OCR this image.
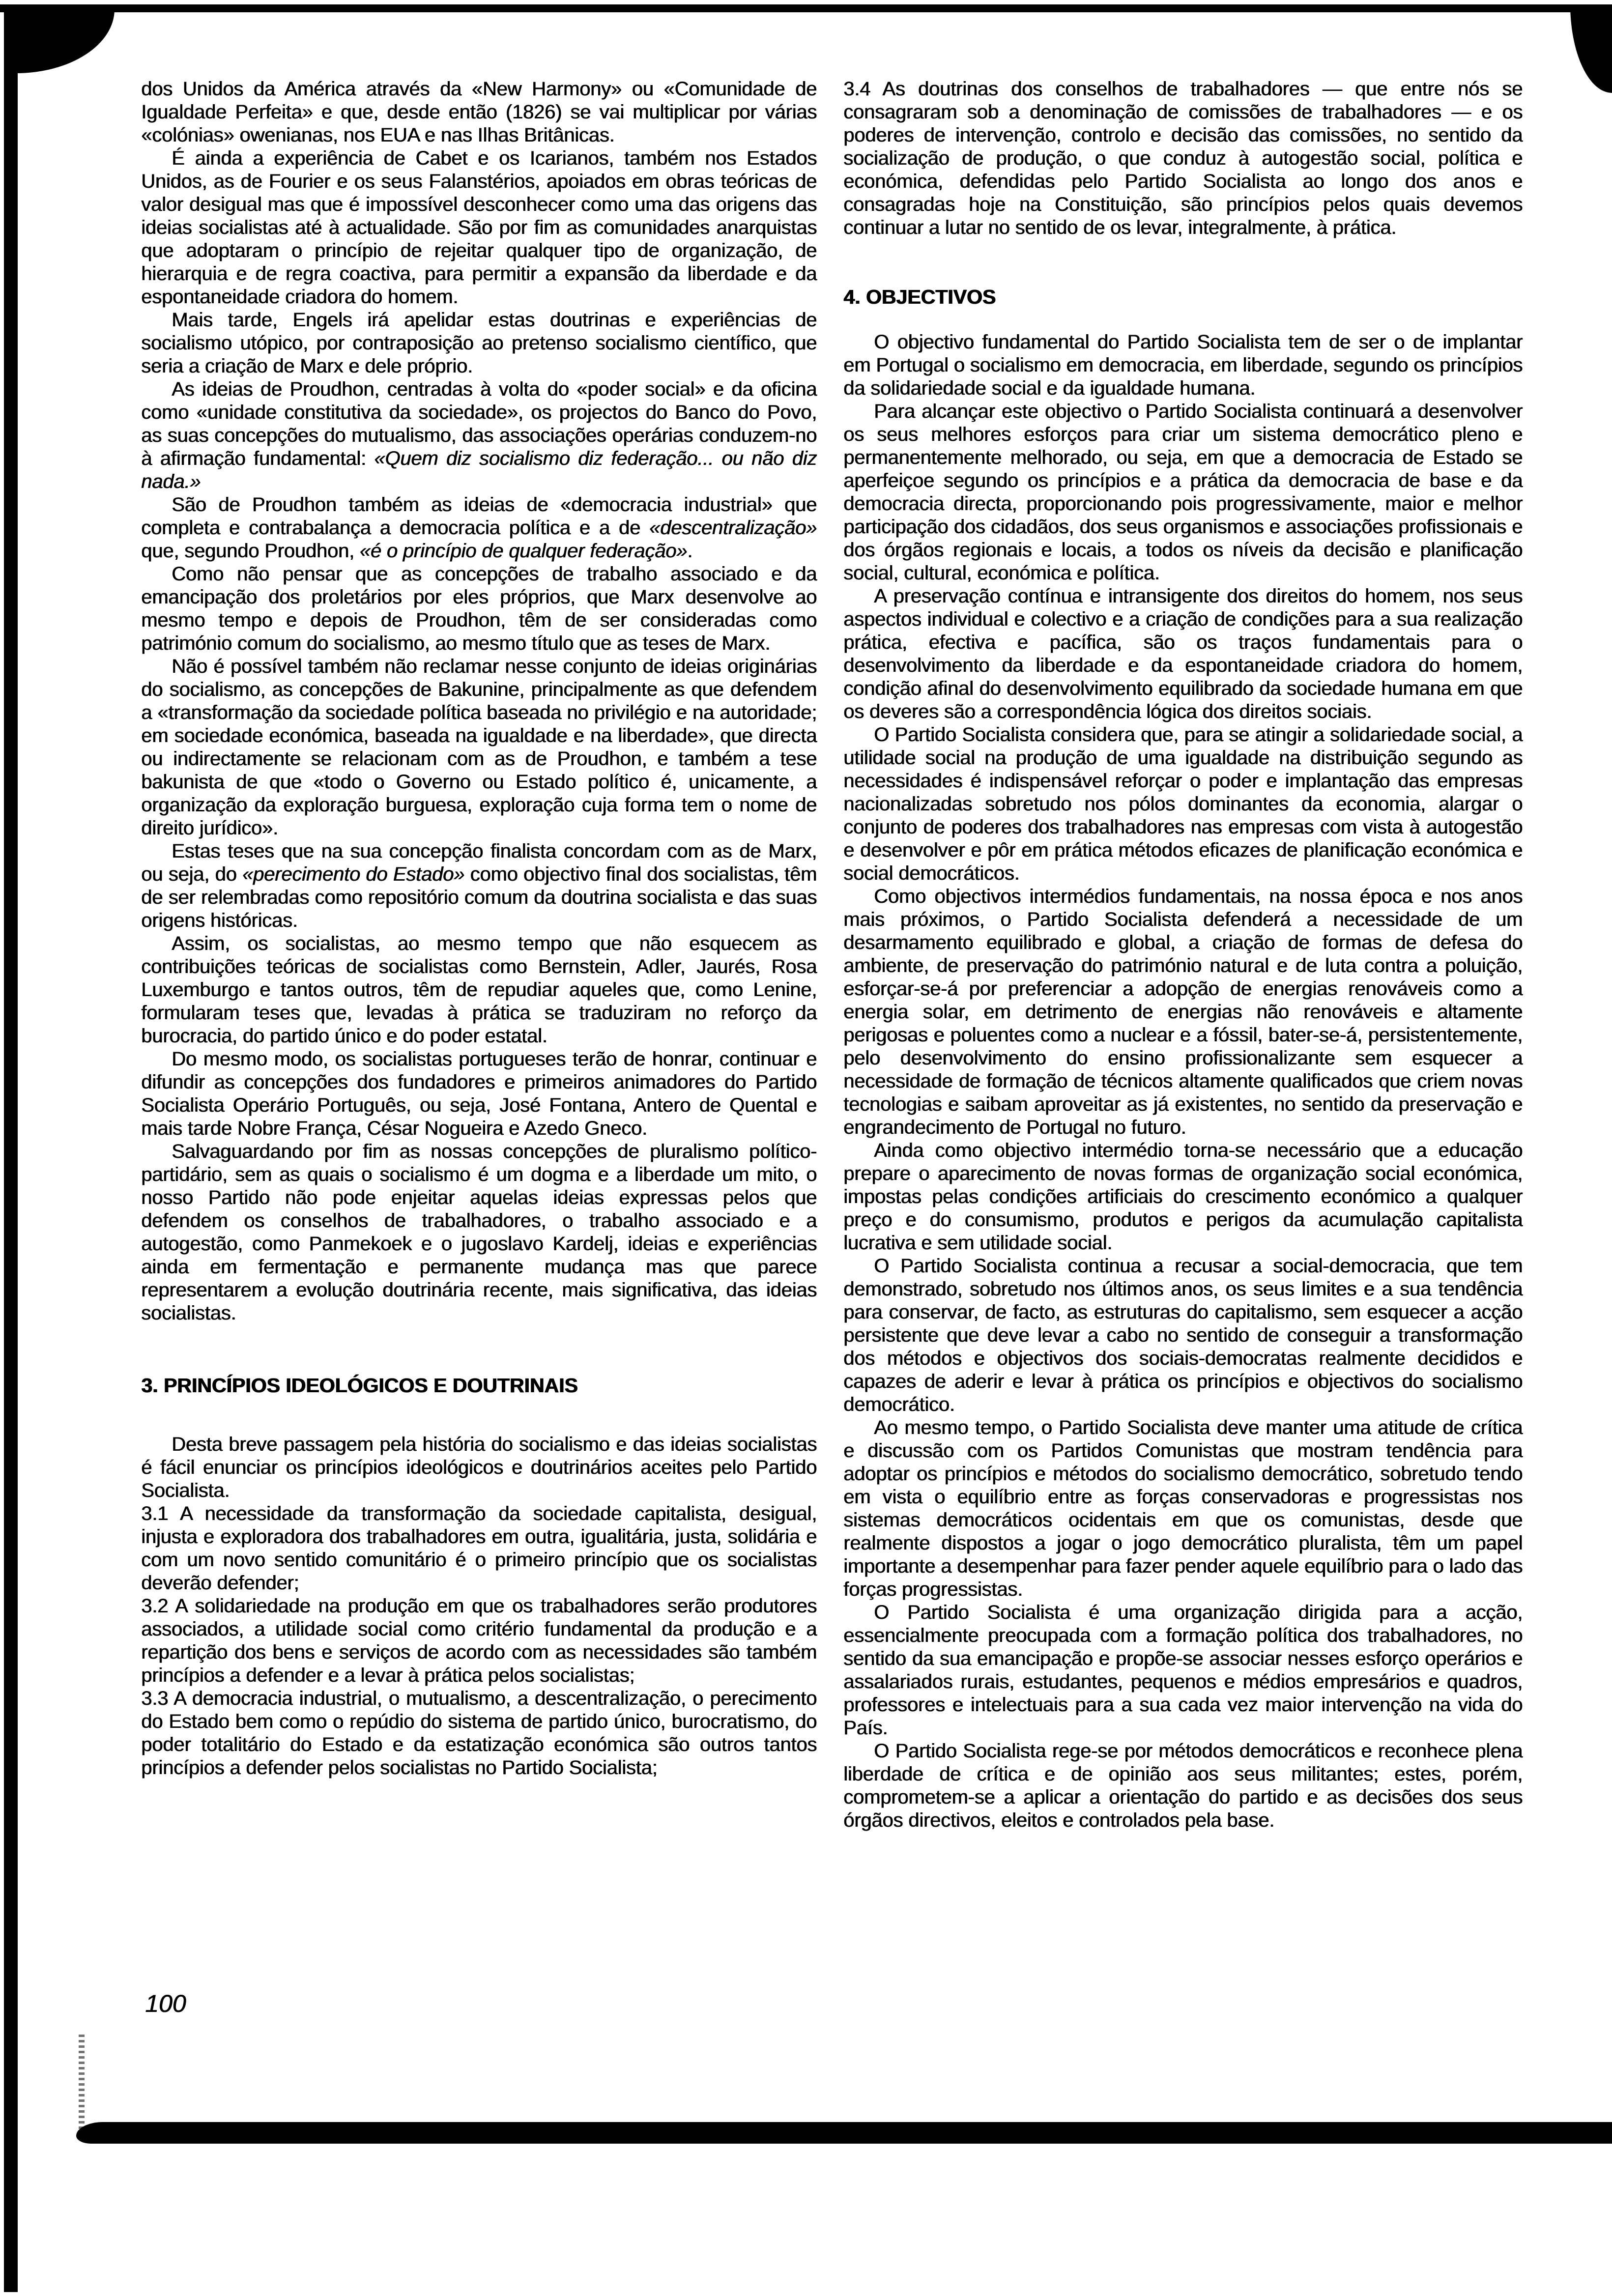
dos Unidos da América através da «New Harmony» ou «Comunidade de Igualdade Perfeita» e que, desde então (1826) se vai multiplicar por várias «colónias» owenianas, nos EUA e nas Ilhas Britânicas.

É ainda a experiência de Cabet e os Icarianos, também nos Estados Unidos, as de Fourier e os seus Falanstérios, apoiados em obras teóricas de valor desigual mas que é impossível desconhecer como uma das origens das ideias socialistas até à actualidade. São por fim as comunidades anarquistas que adoptaram o princípio de rejeitar qualquer tipo de organização, de hierarquia e de regra coactiva, para permitir a expansão da liberdade e da espontaneidade criadora do homem.

Mais tarde, Engels irá apelidar estas doutrinas e experiências de socialismo utópico, por contraposição ao pretenso socialismo científico, que seria a criação de Marx e dele próprio.

As ideias de Proudhon, centradas à volta do «poder social» e da oficina como «unidade constitutiva da sociedade», os projectos do Banco do Povo, as suas concepções do mutualismo, das associações operárias conduzem-no à afirmação fundamental: «Quem diz socialismo diz federação... ou não diz nada.»

São de Proudhon também as ideias de «democracia industrial» que completa e contrabalança a democracia política e a de «descentralização» que, segundo Proudhon, «é o princípio de qualquer federação».

Como não pensar que as concepções de trabalho associado e da emancipação dos proletários por eles próprios, que Marx desenvolve ao mesmo tempo e depois de Proudhon, têm de ser consideradas como património comum do socialismo, ao mesmo título que as teses de Marx.

Não é possível também não reclamar nesse conjunto de ideias originárias do socialismo, as concepções de Bakunine, principalmente as que defendem a «transformação da sociedade política baseada no privilégio e na autoridade; em sociedade económica, baseada na igualdade e na liberdade», que directa ou indirectamente se relacionam com as de Proudhon, e também a tese bakunista de que «todo o Governo ou Estado político é, unicamente, a organização da exploração burguesa, exploração cuja forma tem o nome de direito jurídico».

Estas teses que na sua concepção finalista concordam com as de Marx, ou seja, do «perecimento do Estado» como objectivo final dos socialistas, têm de ser relembradas como repositório comum da doutrina socialista e das suas origens históricas.

Assim, os socialistas, ao mesmo tempo que não esquecem as contribuições teóricas de socialistas como Bernstein, Adler, Jaurés, Rosa Luxemburgo e tantos outros, têm de repudiar aqueles que, como Lenine, formularam teses que, levadas à prática se traduziram no reforço da burocracia, do partido único e do poder estatal.

Do mesmo modo, os socialistas portugueses terão de honrar, continuar e difundir as concepções dos fundadores e primeiros animadores do Partido Socialista Operário Português, ou seja, José Fontana, Antero de Quental e mais tarde Nobre França, César Nogueira e Azedo Gneco.

Salvaguardando por fim as nossas concepções de pluralismo político-partidário, sem as quais o socialismo é um dogma e a liberdade um mito, o nosso Partido não pode enjeitar aquelas ideias expressas pelos que defendem os conselhos de trabalhadores, o trabalho associado e a autogestão, como Panmekoek e o jugoslavo Kardelj, ideias e experiências ainda em fermentação e permanente mudança mas que parece representarem a evolução doutrinária recente, mais significativa, das ideias socialistas.

3. PRINCÍPIOS IDEOLÓGICOS E DOUTRINAIS

Desta breve passagem pela história do socialismo e das ideias socialistas é fácil enunciar os princípios ideológicos e doutrinários aceites pelo Partido Socialista.

3.1 A necessidade da transformação da sociedade capitalista, desigual, injusta e exploradora dos trabalhadores em outra, igualitária, justa, solidária e com um novo sentido comunitário é o primeiro princípio que os socialistas deverão defender;

3.2 A solidariedade na produção em que os trabalhadores serão produtores associados, a utilidade social como critério fundamental da produção e a repartição dos bens e serviços de acordo com as necessidades são também princípios a defender e a levar à prática pelos socialistas;

3.3 A democracia industrial, o mutualismo, a descentralização, o perecimento do Estado bem como o repúdio do sistema de partido único, burocratismo, do poder totalitário do Estado e da estatização económica são outros tantos princípios a defender pelos socialistas no Partido Socialista;

3.4 As doutrinas dos conselhos de trabalhadores — que entre nós se consagraram sob a denominação de comissões de trabalhadores — e os poderes de intervenção, controlo e decisão das comissões, no sentido da socialização de produção, o que conduz à autogestão social, política e económica, defendidas pelo Partido Socialista ao longo dos anos e consagradas hoje na Constituição, são princípios pelos quais devemos continuar a lutar no sentido de os levar, integralmente, à prática.

4. OBJECTIVOS

O objectivo fundamental do Partido Socialista tem de ser o de implantar em Portugal o socialismo em democracia, em liberdade, segundo os princípios da solidariedade social e da igualdade humana.

Para alcançar este objectivo o Partido Socialista continuará a desenvolver os seus melhores esforços para criar um sistema democrático pleno e permanentemente melhorado, ou seja, em que a democracia de Estado se aperfeiçoe segundo os princípios e a prática da democracia de base e da democracia directa, proporcionando pois progressivamente, maior e melhor participação dos cidadãos, dos seus organismos e associações profissionais e dos órgãos regionais e locais, a todos os níveis da decisão e planificação social, cultural, económica e política.

A preservação contínua e intransigente dos direitos do homem, nos seus aspectos individual e colectivo e a criação de condições para a sua realização prática, efectiva e pacífica, são os traços fundamentais para o desenvolvimento da liberdade e da espontaneidade criadora do homem, condição afinal do desenvolvimento equilibrado da sociedade humana em que os deveres são a correspondência lógica dos direitos sociais.

O Partido Socialista considera que, para se atingir a solidariedade social, a utilidade social na produção de uma igualdade na distribuição segundo as necessidades é indispensável reforçar o poder e implantação das empresas nacionalizadas sobretudo nos pólos dominantes da economia, alargar o conjunto de poderes dos trabalhadores nas empresas com vista à autogestão e desenvolver e pôr em prática métodos eficazes de planificação económica e social democráticos.

Como objectivos intermédios fundamentais, na nossa época e nos anos mais próximos, o Partido Socialista defenderá a necessidade de um desarmamento equilibrado e global, a criação de formas de defesa do ambiente, de preservação do património natural e de luta contra a poluição, esforçar-se-á por preferenciar a adopção de energias renováveis como a energia solar, em detrimento de energias não renováveis e altamente perigosas e poluentes como a nuclear e a fóssil, bater-se-á, persistentemente, pelo desenvolvimento do ensino profissionalizante sem esquecer a necessidade de formação de técnicos altamente qualificados que criem novas tecnologias e saibam aproveitar as já existentes, no sentido da preservação e engrandecimento de Portugal no futuro.

Ainda como objectivo intermédio torna-se necessário que a educação prepare o aparecimento de novas formas de organização social económica, impostas pelas condições artificiais do crescimento económico a qualquer preço e do consumismo, produtos e perigos da acumulação capitalista lucrativa e sem utilidade social.

O Partido Socialista continua a recusar a social-democracia, que tem demonstrado, sobretudo nos últimos anos, os seus limites e a sua tendência para conservar, de facto, as estruturas do capitalismo, sem esquecer a acção persistente que deve levar a cabo no sentido de conseguir a transformação dos métodos e objectivos dos sociais-democratas realmente decididos e capazes de aderir e levar à prática os princípios e objectivos do socialismo democrático.

Ao mesmo tempo, o Partido Socialista deve manter uma atitude de crítica e discussão com os Partidos Comunistas que mostram tendência para adoptar os princípios e métodos do socialismo democrático, sobretudo tendo em vista o equilíbrio entre as forças conservadoras e progressistas nos sistemas democráticos ocidentais em que os comunistas, desde que realmente dispostos a jogar o jogo democrático pluralista, têm um papel importante a desempenhar para fazer pender aquele equilíbrio para o lado das forças progressistas.

O Partido Socialista é uma organização dirigida para a acção, essencialmente preocupada com a formação política dos trabalhadores, no sentido da sua emancipação e propõe-se associar nesses esforço operários e assalariados rurais, estudantes, pequenos e médios empresários e quadros, professores e intelectuais para a sua cada vez maior intervenção na vida do País.

O Partido Socialista rege-se por métodos democráticos e reconhece plena liberdade de crítica e de opinião aos seus militantes; estes, porém, comprometem-se a aplicar a orientação do partido e as decisões dos seus órgãos directivos, eleitos e controlados pela base.

100
